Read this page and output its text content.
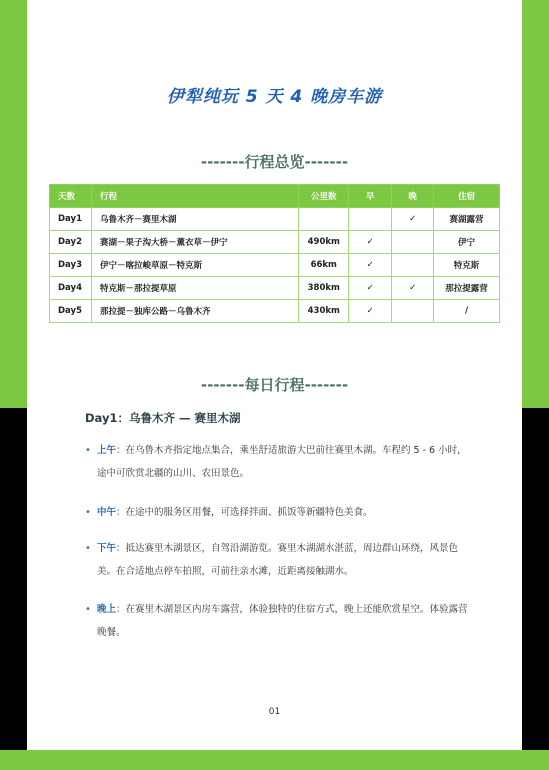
伊犁纯玩 5 天 4 晚房车游
-------行程总览-------
天数	行程	公里数	早	晚	住宿
Day1	乌鲁木齐－赛里木湖			✓	赛湖露营
Day2	赛湖－果子沟大桥－薰衣草－伊宁	490km	✓		伊宁
Day3	伊宁－喀拉峻草原－特克斯	66km	✓		特克斯
Day4	特克斯－那拉提草原	380km	✓	✓	那拉提露营
Day5	那拉提－独库公路－乌鲁木齐	430km	✓		/
-------每日行程-------
Day1：乌鲁木齐 — 赛里木湖
• 上午：在乌鲁木齐指定地点集合，乘坐舒适旅游大巴前往赛里木湖。车程约 5 - 6 小时，途中可欣赏北疆的山川、农田景色。
• 中午：在途中的服务区用餐，可选择拌面、抓饭等新疆特色美食。
• 下午：抵达赛里木湖景区，自驾沿湖游览。赛里木湖湖水湛蓝，周边群山环绕，风景色美。在合适地点停车拍照，可前往亲水滩，近距离接触湖水。
• 晚上：在赛里木湖景区内房车露营，体验独特的住宿方式，晚上还能欣赏星空。体验露营晚餐。
01
